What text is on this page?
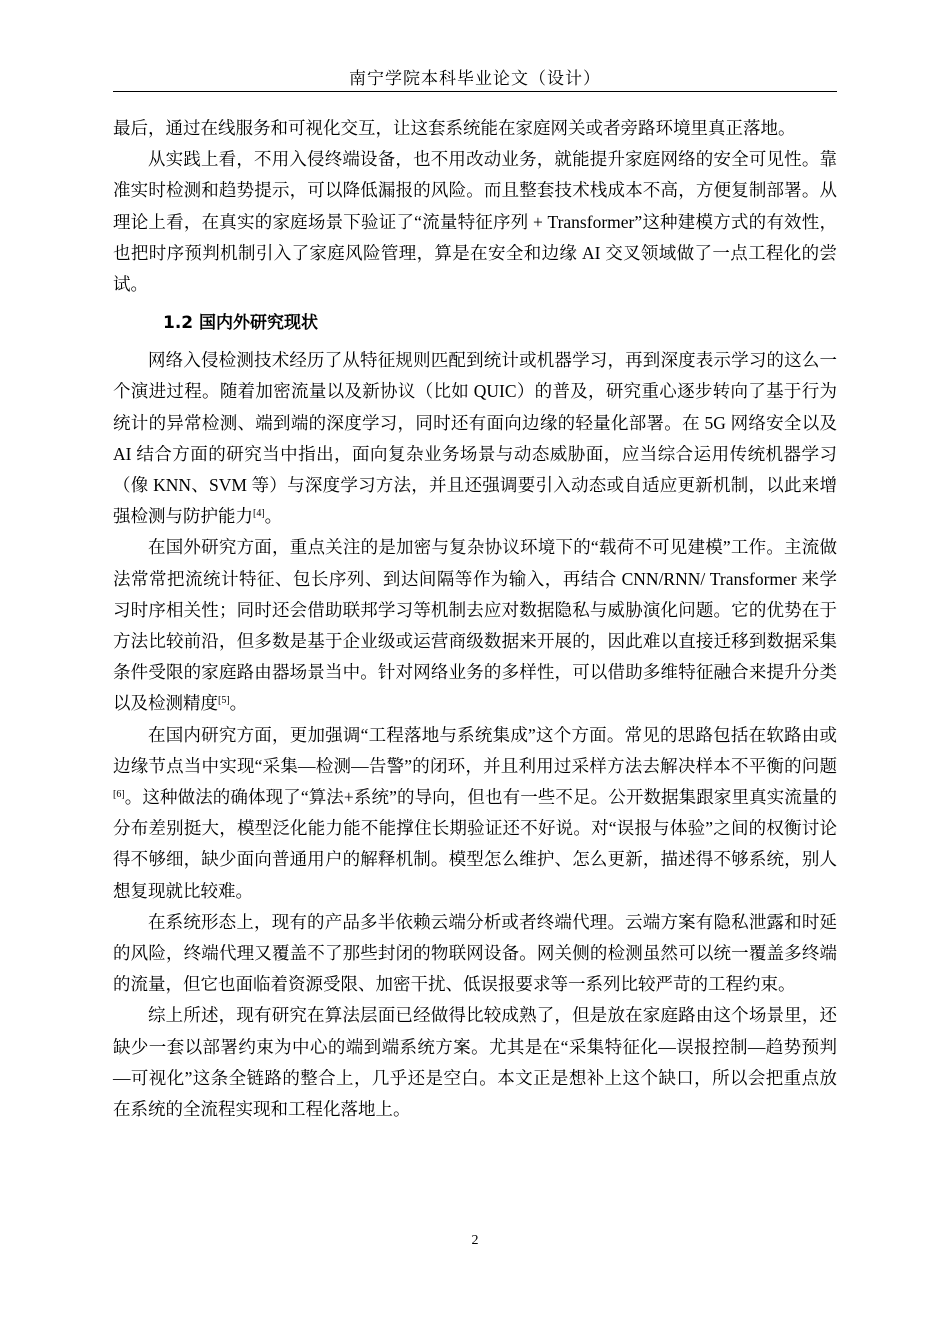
南宁学院本科毕业论文（设计）

最后，通过在线服务和可视化交互，让这套系统能在家庭网关或者旁路环境里真正落地。

从实践上看，不用入侵终端设备，也不用改动业务，就能提升家庭网络的安全可见性。靠准实时检测和趋势提示，可以降低漏报的风险。而且整套技术栈成本不高，方便复制部署。从理论上看，在真实的家庭场景下验证了“流量特征序列 + Transformer”这种建模方式的有效性，也把时序预判机制引入了家庭风险管理，算是在安全和边缘 AI 交叉领域做了一点工程化的尝试。

1.2 国内外研究现状

网络入侵检测技术经历了从特征规则匹配到统计或机器学习，再到深度表示学习的这么一个演进过程。随着加密流量以及新协议（比如 QUIC）的普及，研究重心逐步转向了基于行为统计的异常检测、端到端的深度学习，同时还有面向边缘的轻量化部署。在 5G 网络安全以及 AI 结合方面的研究当中指出，面向复杂业务场景与动态威胁面，应当综合运用传统机器学习（像 KNN、SVM 等）与深度学习方法，并且还强调要引入动态或自适应更新机制，以此来增强检测与防护能力[4]。

在国外研究方面，重点关注的是加密与复杂协议环境下的“载荷不可见建模”工作。主流做法常常把流统计特征、包长序列、到达间隔等作为输入，再结合 CNN/RNN/ Transformer 来学习时序相关性；同时还会借助联邦学习等机制去应对数据隐私与威胁演化问题。它的优势在于方法比较前沿，但多数是基于企业级或运营商级数据来开展的，因此难以直接迁移到数据采集条件受限的家庭路由器场景当中。针对网络业务的多样性，可以借助多维特征融合来提升分类以及检测精度[5]。

在国内研究方面，更加强调“工程落地与系统集成”这个方面。常见的思路包括在软路由或边缘节点当中实现“采集—检测—告警”的闭环，并且利用过采样方法去解决样本不平衡的问题[6]。这种做法的确体现了“算法+系统”的导向，但也有一些不足。公开数据集跟家里真实流量的分布差别挺大，模型泛化能力能不能撑住长期验证还不好说。对“误报与体验”之间的权衡讨论得不够细，缺少面向普通用户的解释机制。模型怎么维护、怎么更新，描述得不够系统，别人想复现就比较难。

在系统形态上，现有的产品多半依赖云端分析或者终端代理。云端方案有隐私泄露和时延的风险，终端代理又覆盖不了那些封闭的物联网设备。网关侧的检测虽然可以统一覆盖多终端的流量，但它也面临着资源受限、加密干扰、低误报要求等一系列比较严苛的工程约束。

综上所述，现有研究在算法层面已经做得比较成熟了，但是放在家庭路由这个场景里，还缺少一套以部署约束为中心的端到端系统方案。尤其是在“采集特征化—误报控制—趋势预判—可视化”这条全链路的整合上，几乎还是空白。本文正是想补上这个缺口，所以会把重点放在系统的全流程实现和工程化落地上。

2
